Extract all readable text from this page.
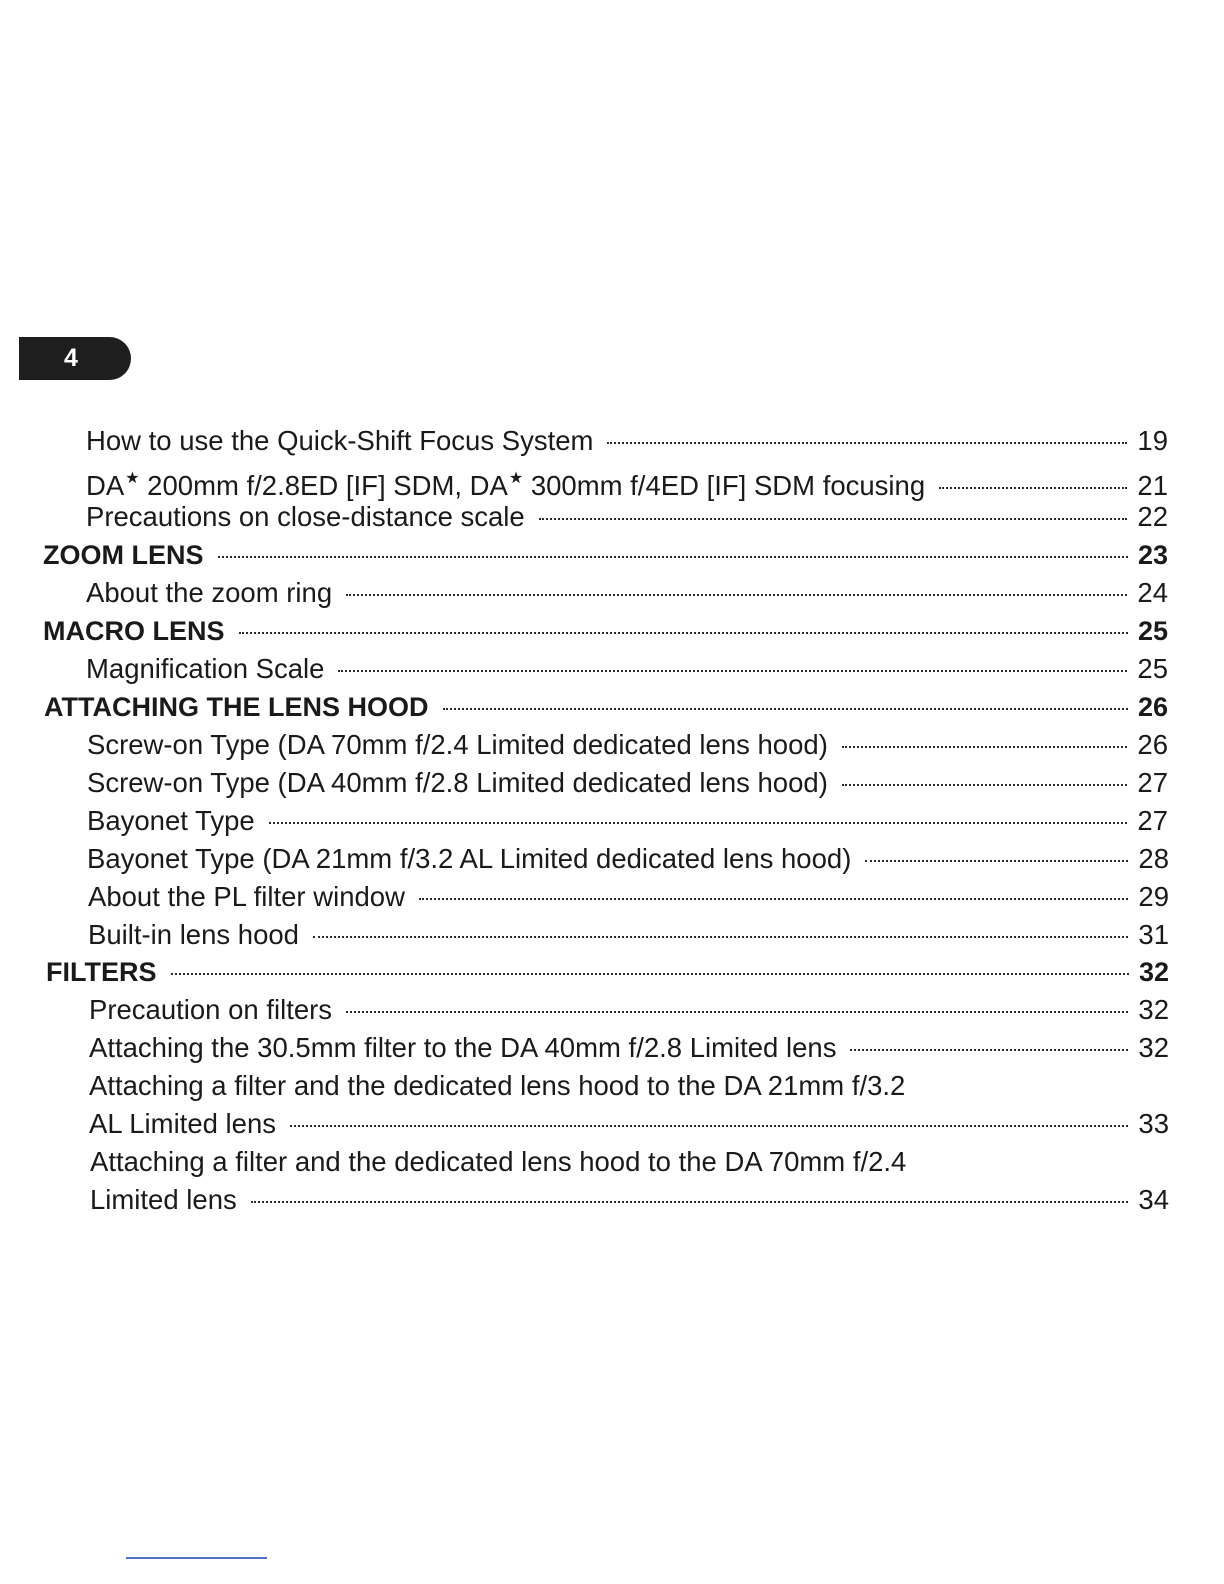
4
How to use the Quick-Shift Focus System	19
DA★ 200mm f/2.8ED [IF] SDM, DA★ 300mm f/4ED [IF] SDM focusing	21
Precautions on close-distance scale	22
ZOOM LENS	23
About the zoom ring	24
MACRO LENS	25
Magnification Scale	25
ATTACHING THE LENS HOOD	26
Screw-on Type (DA 70mm f/2.4 Limited dedicated lens hood)	26
Screw-on Type (DA 40mm f/2.8 Limited dedicated lens hood)	27
Bayonet Type	27
Bayonet Type (DA 21mm f/3.2 AL Limited dedicated lens hood)	28
About the PL filter window	29
Built-in lens hood	31
FILTERS	32
Precaution on filters	32
Attaching the 30.5mm filter to the DA 40mm f/2.8 Limited lens	32
Attaching a filter and the dedicated lens hood to the DA 21mm f/3.2
AL Limited lens	33
Attaching a filter and the dedicated lens hood to the DA 70mm f/2.4
Limited lens	34
